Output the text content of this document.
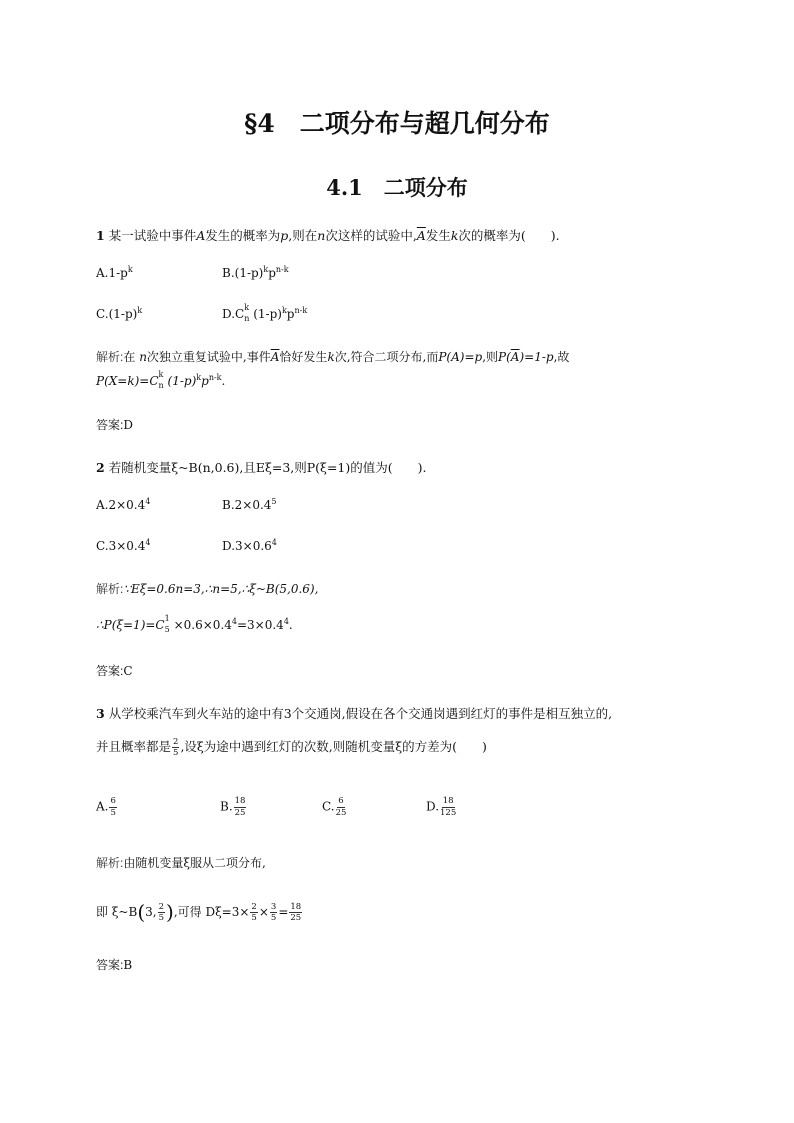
§4　二项分布与超几何分布
4.1　二项分布
1 某一试验中事件A发生的概率为p,则在n次这样的试验中$,\overline{A}$发生k次的概率为(　　).
$A.1-p^k$	$B.(1-p)^kp^{n-k}$
$C.(1-p)^k$	D.C k
n $(1-p)^kp^{n-k}$
解析:在 n次独立重复试验中,事件$\overline{A}$恰好发生k次,符合二项分布,而P(A)=p,则$P(\overline{A})=1-p$,故
P(X=k)=C k
n $(1-p)^kp^{n-k}$.
答案:D
2 若随机变量ξ~B(n,0.6),且Eξ=3,则P(ξ=1)的值为(　　).
$A.2\times 0.4^4$	$B.2\times 0.4^5$
$C.3\times 0.4^4$	$D.3\times 0.6^4$
解析:∵Eξ=0.6n=3,∴n=5,∴ξ~B(5,0.6),
∴P(ξ=1)=C 1
$5 \times 0.6\times 0.4^4=3\times 0.4^4$.
答案:C
3 从学校乘汽车到火车站的途中有3个交通岗,假设在各个交通岗遇到红灯的事件是相互独立的,
并且概率都是 $\frac{2}{5}$ ,设ξ为途中遇到红灯的次数,则随机变量ξ的方差为(　　)
A. $\frac{6}{5}$	B. $\frac{18}{25}$	C. $\frac{6}{25}$	D. $\frac{18}{125}$
解析:由随机变量ξ服从二项分布,
即 ξ~B(3, $\frac{2}{5}$ ),可得 $D\xi=3\times \frac{2}{5} \times \frac{3}{5} = \frac{18}{25}$
答案:B
